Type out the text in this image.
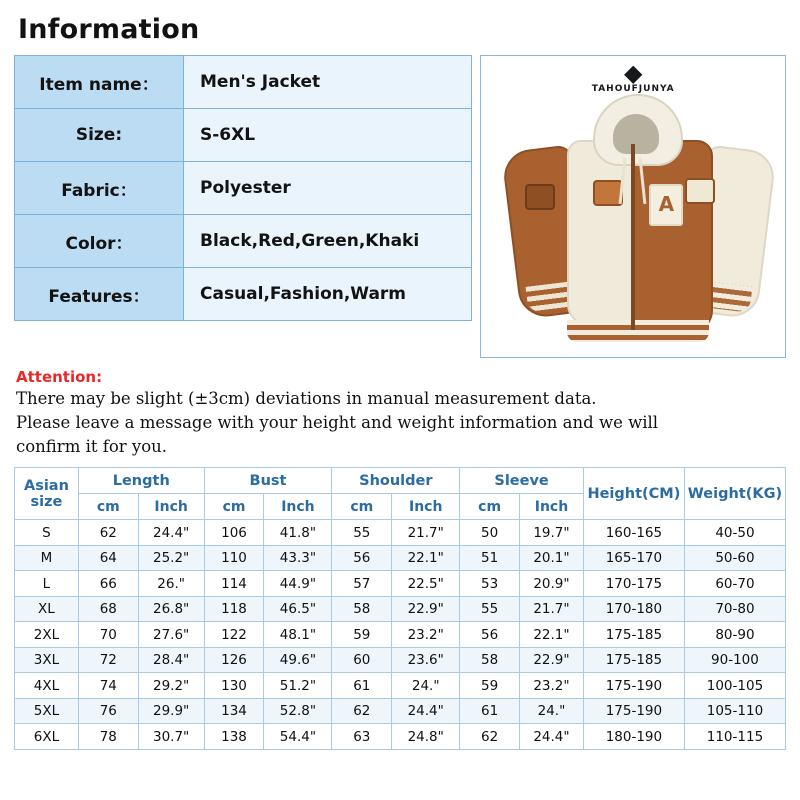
Information
Item name：	Men's Jacket
Size:	S-6XL
Fabric：	Polyester
Color：	Black,Red,Green,Khaki
Features：	Casual,Fashion,Warm
◆
TAHOUFJUNYA
A
Attention:
There may be slight (±3cm) deviations in manual measurement data.
Please leave a message with your height and weight information and we will
confirm it for you.
Asian size	Length		Bust		Shoulder		Sleeve		Height(CM)	Weight(KG)
	cm	Inch	cm	Inch	cm	Inch	cm	Inch		
S	62	24.4"	106	41.8"	55	21.7"	50	19.7"	160-165	40-50
M	64	25.2"	110	43.3"	56	22.1"	51	20.1"	165-170	50-60
L	66	26."	114	44.9"	57	22.5"	53	20.9"	170-175	60-70
XL	68	26.8"	118	46.5"	58	22.9"	55	21.7"	170-180	70-80
2XL	70	27.6"	122	48.1"	59	23.2"	56	22.1"	175-185	80-90
3XL	72	28.4"	126	49.6"	60	23.6"	58	22.9"	175-185	90-100
4XL	74	29.2"	130	51.2"	61	24."	59	23.2"	175-190	100-105
5XL	76	29.9"	134	52.8"	62	24.4"	61	24."	175-190	105-110
6XL	78	30.7"	138	54.4"	63	24.8"	62	24.4"	180-190	110-115
